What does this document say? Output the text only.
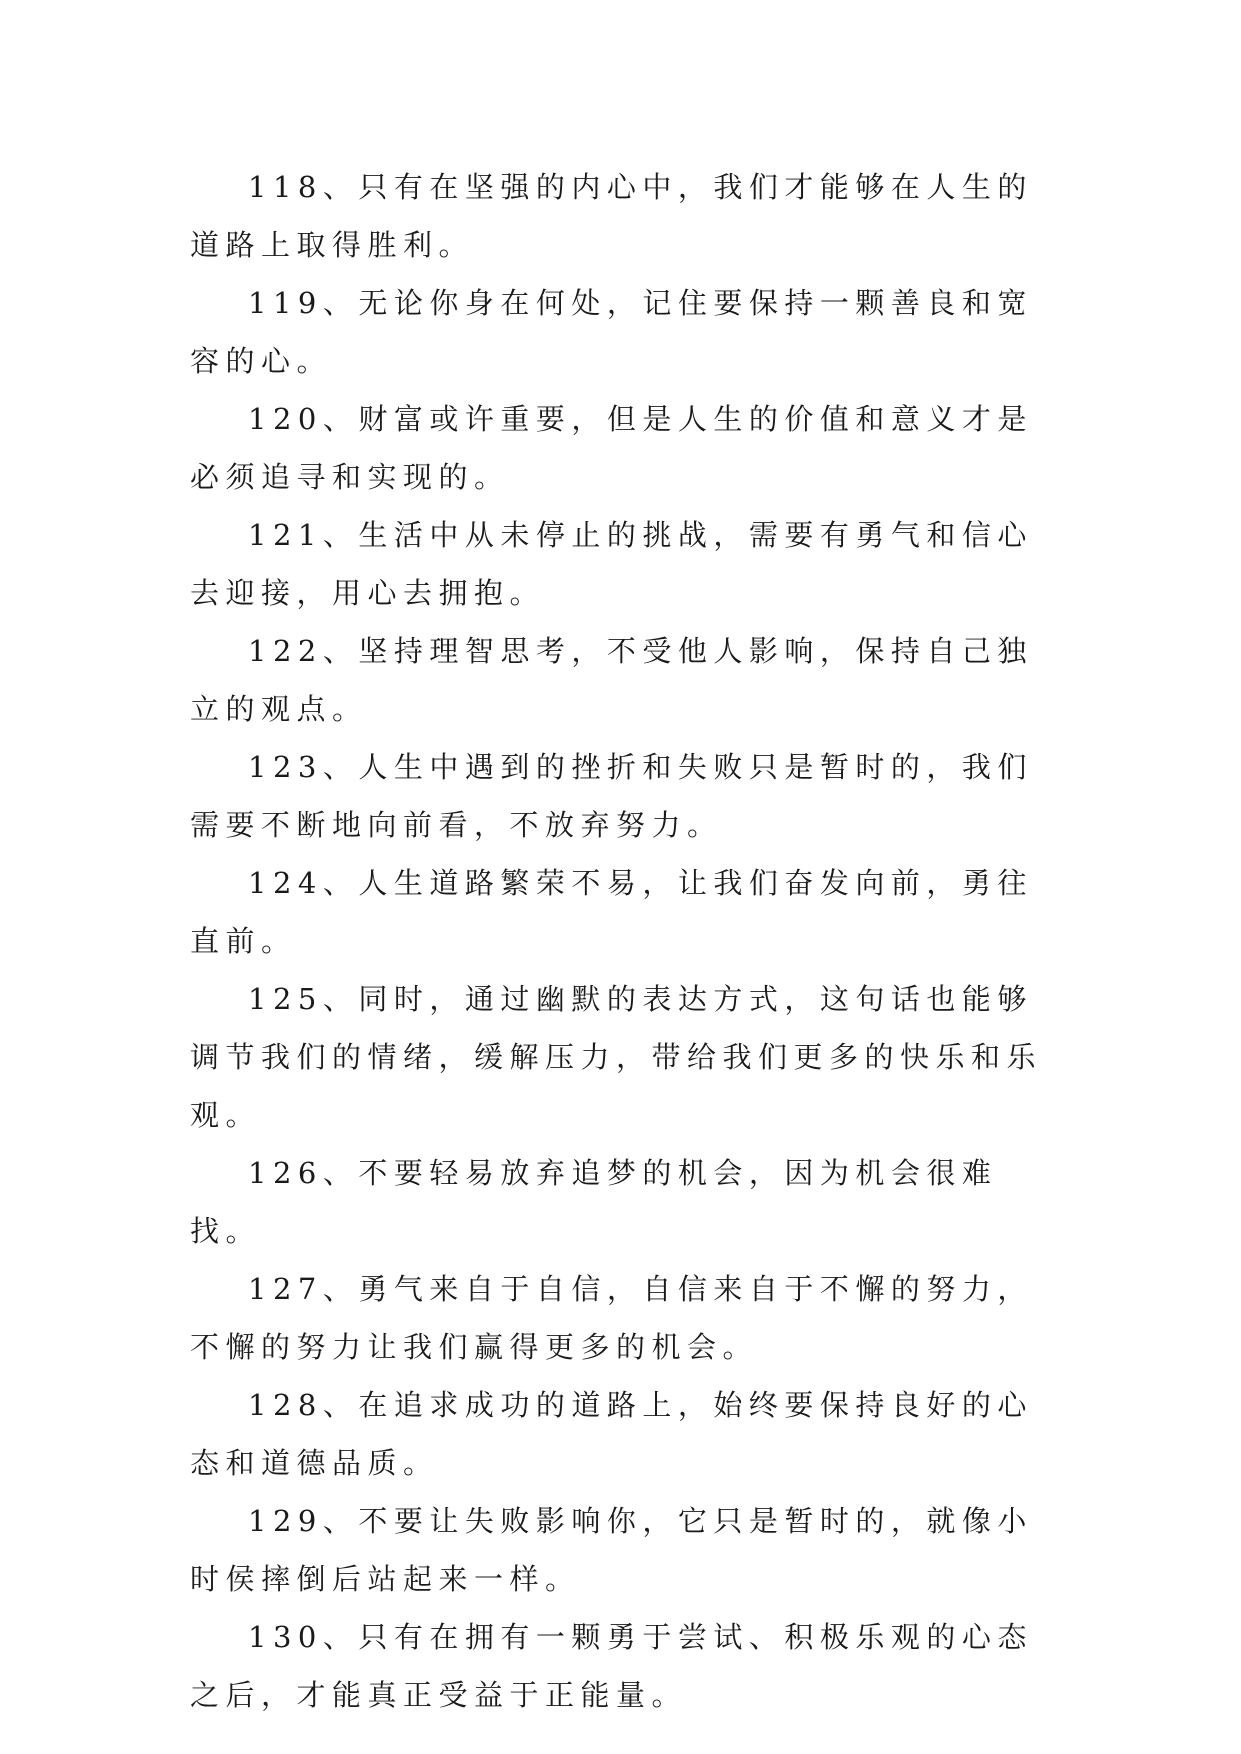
118、只有在坚强的内心中，我们才能够在人生的道路上取得胜利。

119、无论你身在何处，记住要保持一颗善良和宽容的心。

120、财富或许重要，但是人生的价值和意义才是必须追寻和实现的。

121、生活中从未停止的挑战，需要有勇气和信心去迎接，用心去拥抱。

122、坚持理智思考，不受他人影响，保持自己独立的观点。

123、人生中遇到的挫折和失败只是暂时的，我们需要不断地向前看，不放弃努力。

124、人生道路繁荣不易，让我们奋发向前，勇往直前。

125、同时，通过幽默的表达方式，这句话也能够调节我们的情绪，缓解压力，带给我们更多的快乐和乐观。

126、不要轻易放弃追梦的机会，因为机会很难找。

127、勇气来自于自信，自信来自于不懈的努力，不懈的努力让我们赢得更多的机会。

128、在追求成功的道路上，始终要保持良好的心态和道德品质。

129、不要让失败影响你，它只是暂时的，就像小时侯摔倒后站起来一样。

130、只有在拥有一颗勇于尝试、积极乐观的心态之后，才能真正受益于正能量。
